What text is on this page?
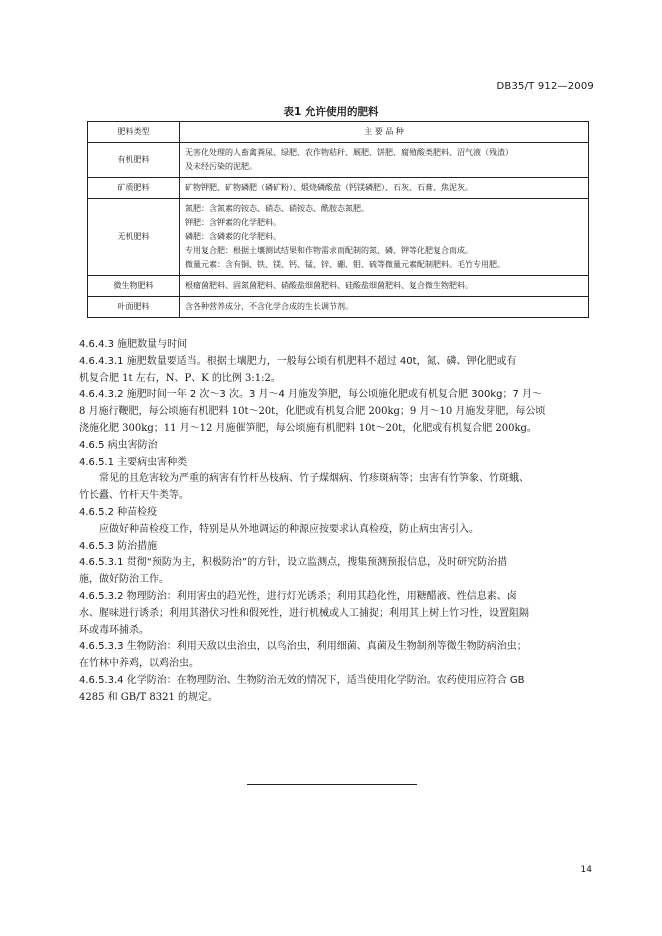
DB35/T 912—2009
表1 允许使用的肥料
肥料类型	主 要 品 种
有机肥料	无害化处理的人畜禽粪尿、绿肥、农作物秸秆、厩肥、饼肥、腐殖酸类肥料、沼气液（残渣）
及未经污染的泥肥。

矿质肥料	矿物钾肥、矿物磷肥（磷矿粉）、煅烧磷酸盐（钙镁磷肥）、石灰、石膏、焦泥灰。

无机肥料	氮肥：含氮素的铵态、硝态、硝铵态、酰胺态氮肥。
钾肥：含钾素的化学肥料。
磷肥：含磷素的化学肥料。
专用复合肥：根据土壤测试结果和作物需求而配制的氮、磷、钾等化肥复合而成。
微量元素：含有铜、铁、镁、钙、锰、锌、硼、钼、硫等微量元素配制肥料。毛竹专用肥。

微生物肥料	根瘤菌肥料、固氮菌肥料、硝酸盐细菌肥料、硅酸盐细菌肥料、复合微生物肥料。

叶面肥料	含各种营养成分，不含化学合成的生长调节剂。

4.6.4.3 施肥数量与时间

4.6.4.3.1 施肥数量要适当。根据土壤肥力，一般每公顷有机肥料不超过 40t，氮、磷、钾化肥或有

机复合肥 1t 左右，N、P、K 的比例 3:1:2。

4.6.4.3.2 施肥时间一年 2 次～3 次。3 月～4 月施发笋肥，每公顷施化肥或有机复合肥 300kg；7 月～

8 月施行鞭肥，每公顷施有机肥料 10t～20t，化肥或有机复合肥 200kg；9 月～10 月施发芽肥，每公顷

浇施化肥 300kg；11 月～12 月施催笋肥，每公顷施有机肥料 10t～20t，化肥或有机复合肥 200kg。

4.6.5 病虫害防治

4.6.5.1 主要病虫害种类

常见的且危害较为严重的病害有竹杆丛枝病、竹子煤烟病、竹疹斑病等；虫害有竹笋象、竹斑蛾、

竹长蠹、竹杆天牛类等。

4.6.5.2 种苗检疫

应做好种苗检疫工作，特别是从外地调运的种源应按要求认真检疫，防止病虫害引入。

4.6.5.3 防治措施

4.6.5.3.1 贯彻“预防为主，积极防治”的方针，设立监测点，搜集预测预报信息，及时研究防治措

施，做好防治工作。

4.6.5.3.2 物理防治：利用害虫的趋光性，进行灯光诱杀；利用其趋化性，用糖醋液、性信息素、卤

水、腥味进行诱杀；利用其潜伏习性和假死性，进行机械或人工捕捉；利用其上树上竹习性，设置阻隔

环或毒环捕杀。

4.6.5.3.3 生物防治：利用天敌以虫治虫，以鸟治虫，利用细菌、真菌及生物制剂等微生物防病治虫；

在竹林中养鸡，以鸡治虫。

4.6.5.3.4 化学防治：在物理防治、生物防治无效的情况下，适当使用化学防治。农药使用应符合 GB

4285 和 GB/T 8321 的规定。

14
